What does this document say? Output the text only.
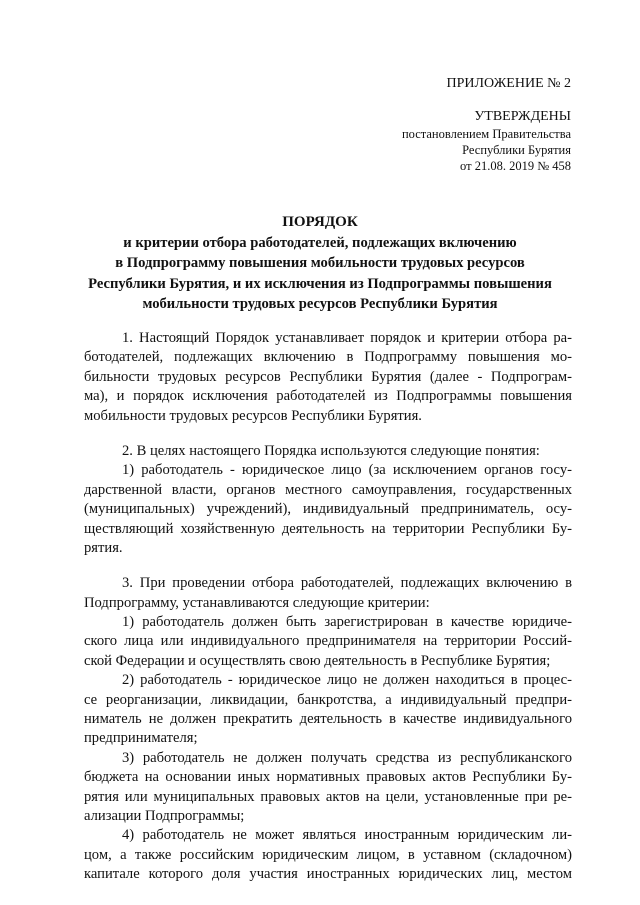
ПРИЛОЖЕНИЕ № 2
УТВЕРЖДЕНЫ
постановлением Правительства
Республики Бурятия
от 21.08. 2019 № 458
ПОРЯДОК
и критерии отбора работодателей, подлежащих включению
в Подпрограмму повышения мобильности трудовых ресурсов
Республики Бурятия, и их исключения из Подпрограммы повышения
мобильности трудовых ресурсов Республики Бурятия
1. Настоящий Порядок устанавливает порядок и критерии отбора ра-
ботодателей, подлежащих включению в Подпрограмму повышения мо-
бильности трудовых ресурсов Республики Бурятия (далее - Подпрограм-
ма), и порядок исключения работодателей из Подпрограммы повышения
мобильности трудовых ресурсов Республики Бурятия.
2. В целях настоящего Порядка используются следующие понятия:
1) работодатель - юридическое лицо (за исключением органов госу-
дарственной власти, органов местного самоуправления, государственных
(муниципальных) учреждений), индивидуальный предприниматель, осу-
ществляющий хозяйственную деятельность на территории Республики Бу-
рятия.
3. При проведении отбора работодателей, подлежащих включению в
Подпрограмму, устанавливаются следующие критерии:
1) работодатель должен быть зарегистрирован в качестве юридиче-
ского лица или индивидуального предпринимателя на территории Россий-
ской Федерации и осуществлять свою деятельность в Республике Бурятия;
2) работодатель - юридическое лицо не должен находиться в процес-
се реорганизации, ликвидации, банкротства, а индивидуальный предпри-
ниматель не должен прекратить деятельность в качестве индивидуального
предпринимателя;
3) работодатель не должен получать средства из республиканского
бюджета на основании иных нормативных правовых актов Республики Бу-
рятия или муниципальных правовых актов на цели, установленные при ре-
ализации Подпрограммы;
4) работодатель не может являться иностранным юридическим ли-
цом, а также российским юридическим лицом, в уставном (складочном)
капитале которого доля участия иностранных юридических лиц, местом
